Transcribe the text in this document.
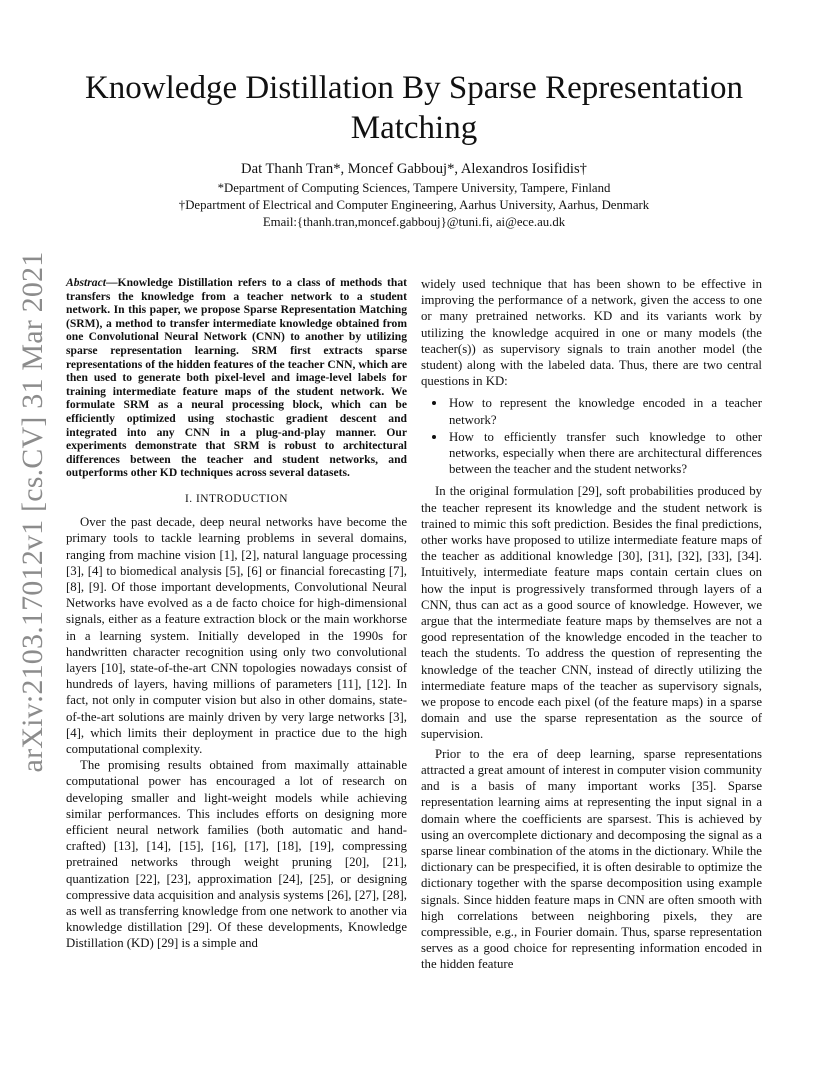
arXiv:2103.17012v1 [cs.CV] 31 Mar 2021
Knowledge Distillation By Sparse Representation
Matching
Dat Thanh Tran*, Moncef Gabbouj*, Alexandros Iosifidis†
*Department of Computing Sciences, Tampere University, Tampere, Finland
†Department of Electrical and Computer Engineering, Aarhus University, Aarhus, Denmark
Email:{thanh.tran,moncef.gabbouj}@tuni.fi, ai@ece.au.dk

Abstract—Knowledge Distillation refers to a class of methods that transfers the knowledge from a teacher network to a student network. In this paper, we propose Sparse Representation Matching (SRM), a method to transfer intermediate knowledge obtained from one Convolutional Neural Network (CNN) to another by utilizing sparse representation learning. SRM first extracts sparse representations of the hidden features of the teacher CNN, which are then used to generate both pixel-level and image-level labels for training intermediate feature maps of the student network. We formulate SRM as a neural processing block, which can be efficiently optimized using stochastic gradient descent and integrated into any CNN in a plug-and-play manner. Our experiments demonstrate that SRM is robust to architectural differences between the teacher and student networks, and outperforms other KD techniques across several datasets.

I. INTRODUCTION

Over the past decade, deep neural networks have become the primary tools to tackle learning problems in several domains, ranging from machine vision [1], [2], natural language processing [3], [4] to biomedical analysis [5], [6] or financial forecasting [7], [8], [9]. Of those important developments, Convolutional Neural Networks have evolved as a de facto choice for high-dimensional signals, either as a feature extraction block or the main workhorse in a learning system. Initially developed in the 1990s for handwritten character recognition using only two convolutional layers [10], state-of-the-art CNN topologies nowadays consist of hundreds of layers, having millions of parameters [11], [12]. In fact, not only in computer vision but also in other domains, state-of-the-art solutions are mainly driven by very large networks [3], [4], which limits their deployment in practice due to the high computational complexity.

The promising results obtained from maximally attainable computational power has encouraged a lot of research on developing smaller and light-weight models while achieving similar performances. This includes efforts on designing more efficient neural network families (both automatic and hand-crafted) [13], [14], [15], [16], [17], [18], [19], compressing pretrained networks through weight pruning [20], [21], quantization [22], [23], approximation [24], [25], or designing compressive data acquisition and analysis systems [26], [27], [28], as well as transferring knowledge from one network to another via knowledge distillation [29]. Of these developments, Knowledge Distillation (KD) [29] is a simple and

widely used technique that has been shown to be effective in improving the performance of a network, given the access to one or many pretrained networks. KD and its variants work by utilizing the knowledge acquired in one or many models (the teacher(s)) as supervisory signals to train another model (the student) along with the labeled data. Thus, there are two central questions in KD:

How to represent the knowledge encoded in a teacher network?
How to efficiently transfer such knowledge to other networks, especially when there are architectural differences between the teacher and the student networks?

In the original formulation [29], soft probabilities produced by the teacher represent its knowledge and the student network is trained to mimic this soft prediction. Besides the final predictions, other works have proposed to utilize intermediate feature maps of the teacher as additional knowledge [30], [31], [32], [33], [34]. Intuitively, intermediate feature maps contain certain clues on how the input is progressively transformed through layers of a CNN, thus can act as a good source of knowledge. However, we argue that the intermediate feature maps by themselves are not a good representation of the knowledge encoded in the teacher to teach the students. To address the question of representing the knowledge of the teacher CNN, instead of directly utilizing the intermediate feature maps of the teacher as supervisory signals, we propose to encode each pixel (of the feature maps) in a sparse domain and use the sparse representation as the source of supervision.

Prior to the era of deep learning, sparse representations attracted a great amount of interest in computer vision community and is a basis of many important works [35]. Sparse representation learning aims at representing the input signal in a domain where the coefficients are sparsest. This is achieved by using an overcomplete dictionary and decomposing the signal as a sparse linear combination of the atoms in the dictionary. While the dictionary can be prespecified, it is often desirable to optimize the dictionary together with the sparse decomposition using example signals. Since hidden feature maps in CNN are often smooth with high correlations between neighboring pixels, they are compressible, e.g., in Fourier domain. Thus, sparse representation serves as a good choice for representing information encoded in the hidden feature
